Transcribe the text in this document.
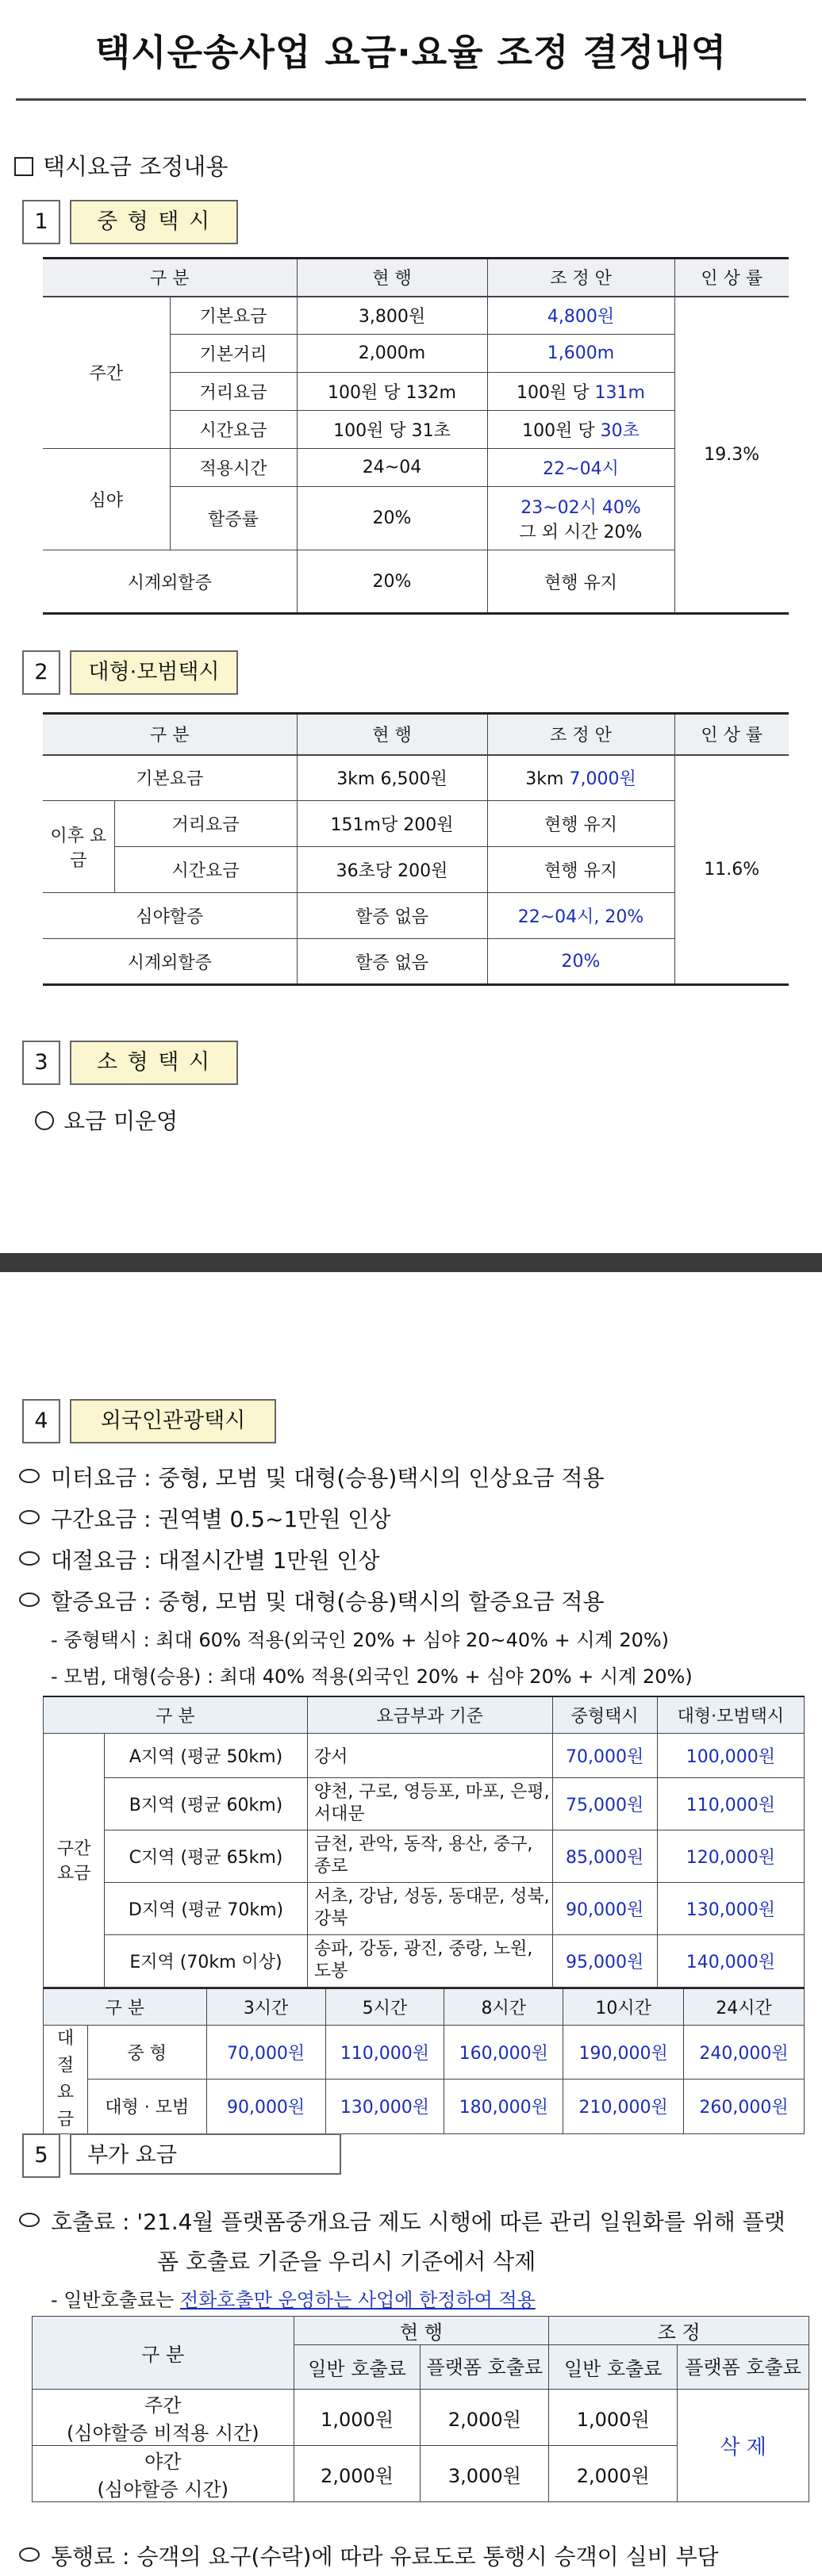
택시운송사업 요금·요율 조정 결정내역
택시요금 조정내용
1	중 형 택 시
구 분		현 행	조 정 안	인 상 률
주간	기본요금	3,800원	4,800원	19.3%
	기본거리	2,000m	1,600m	
	거리요금	100원 당 132m	100원 당 131m	
	시간요금	100원 당 31초	100원 당 30초	
심야	적용시간	24~04	22~04시	
	할증률	20%	23~02시 40%
그 외 시간 20%	

시계외할증		20%	현행 유지	
2	대형·모범택시
구 분		현 행	조 정 안	인 상 률
기본요금		3km 6,500원	3km 7,000원	11.6%
이후 요금	거리요금	151m당 200원	현행 유지	
	시간요금	36초당 200원	현행 유지	
심야할증		할증 없음	22~04시, 20%	
시계외할증		할증 없음	20%	
3	소 형 택 시
요금 미운영
4	외국인관광택시
미터요금 : 중형, 모범 및 대형(승용)택시의 인상요금 적용
구간요금 : 권역별 0.5~1만원 인상
대절요금 : 대절시간별 1만원 인상
할증요금 : 중형, 모범 및 대형(승용)택시의 할증요금 적용
- 중형택시 : 최대 60% 적용(외국인 20% + 심야 20~40% + 시계 20%)
- 모범, 대형(승용) : 최대 40% 적용(외국인 20% + 심야 20% + 시계 20%)
구 분		요금부과 기준	중형택시	대형·모범택시
구간 요금	A지역 (평균 50km)	강서	70,000원	100,000원
	B지역 (평균 60km)	양천, 구로, 영등포, 마포, 은평, 서대문	75,000원	110,000원
	C지역 (평균 65km)	금천, 관악, 동작, 용산, 중구, 종로	85,000원	120,000원
	D지역 (평균 70km)	서초, 강남, 성동, 동대문, 성북, 강북	90,000원	130,000원
	E지역 (70km 이상)	송파, 강동, 광진, 중랑, 노원, 도봉	95,000원	140,000원
구 분		3시간	5시간	8시간	10시간	24시간
대 절 요 금	중 형	70,000원	110,000원	160,000원	190,000원	240,000원
	대형 · 모범	90,000원	130,000원	180,000원	210,000원	260,000원
5	부가 요금
호출료 : '21.4월 플랫폼중개요금 제도 시행에 따른 관리 일원화를 위해 플랫
폼 호출료 기준을 우리시 기준에서 삭제
- 일반호출료는 전화호출만 운영하는 사업에 한정하여 적용
구 분	현 행		조 정	
	일반 호출료	플랫폼 호출료	일반 호출료	플랫폼 호출료

주간
(심야할증 비적용 시간)	1,000원	2,000원	1,000원	삭 제

야간
(심야할증 시간)	2,000원	3,000원	2,000원	
통행료 : 승객의 요구(수락)에 따라 유료도로 통행시 승객이 실비 부담
